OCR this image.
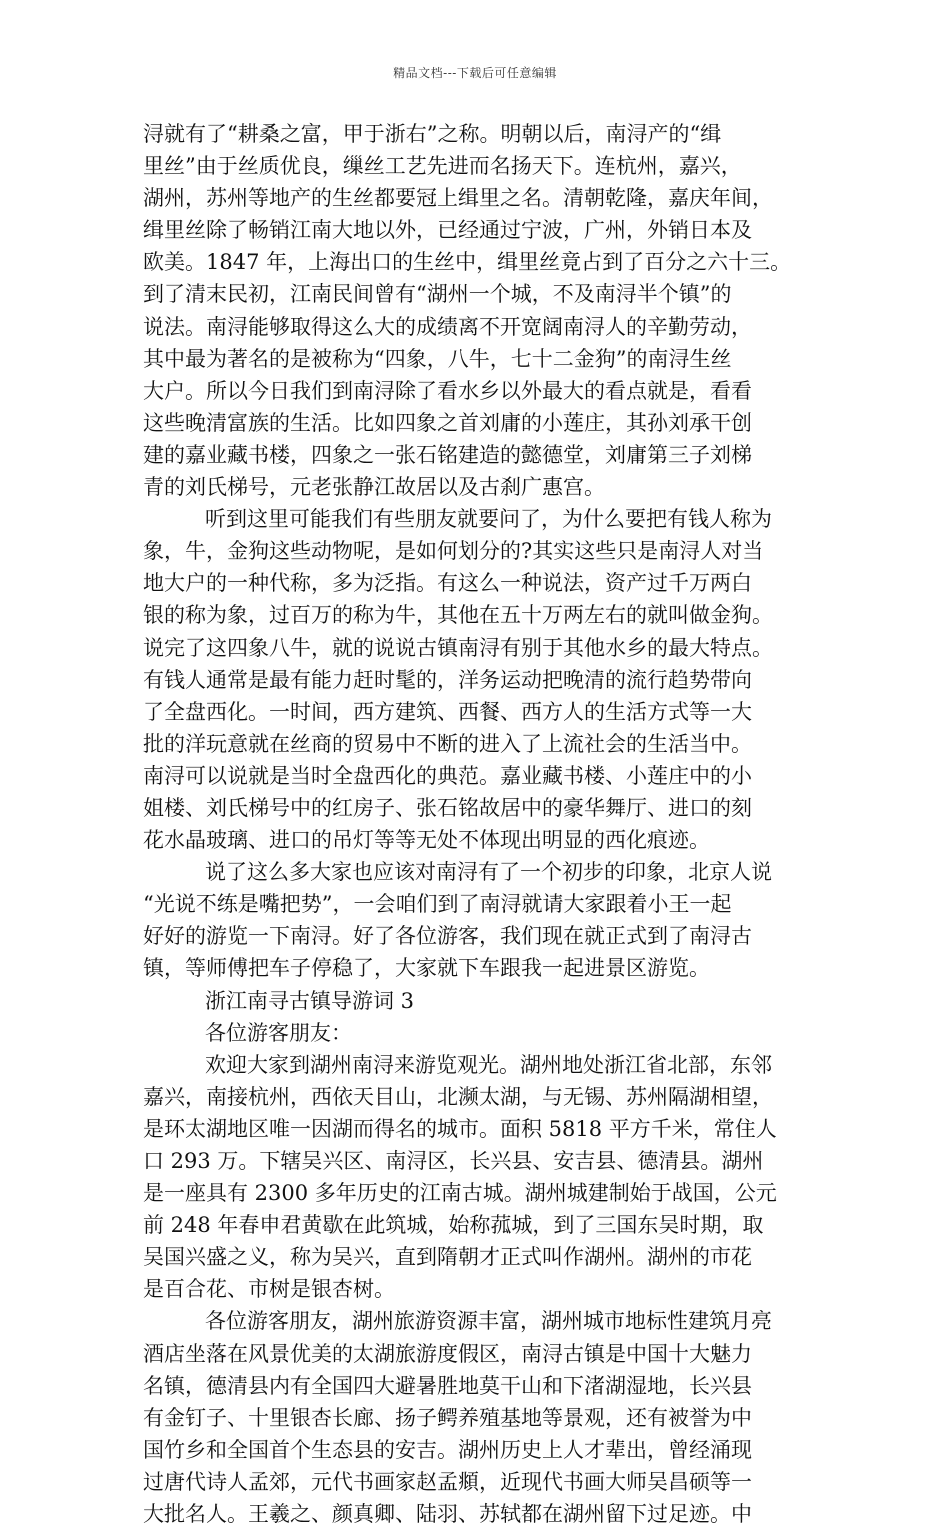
精品文档---下载后可任意编辑
浔就有了“耕桑之富，甲于浙右”之称。明朝以后，南浔产的“缉
里丝”由于丝质优良，缫丝工艺先进而名扬天下。连杭州，嘉兴，
湖州，苏州等地产的生丝都要冠上缉里之名。清朝乾隆，嘉庆年间，
缉里丝除了畅销江南大地以外，已经通过宁波，广州，外销日本及
欧美。1847 年，上海出口的生丝中，缉里丝竟占到了百分之六十三。
到了清末民初，江南民间曾有“湖州一个城，不及南浔半个镇”的
说法。南浔能够取得这么大的成绩离不开宽阔南浔人的辛勤劳动，
其中最为著名的是被称为“四象，八牛，七十二金狗”的南浔生丝
大户。所以今日我们到南浔除了看水乡以外最大的看点就是，看看
这些晚清富族的生活。比如四象之首刘庸的小莲庄，其孙刘承干创
建的嘉业藏书楼，四象之一张石铭建造的懿德堂，刘庸第三子刘梯
青的刘氏梯号，元老张静江故居以及古刹广惠宫。
听到这里可能我们有些朋友就要问了，为什么要把有钱人称为
象，牛，金狗这些动物呢，是如何划分的?其实这些只是南浔人对当
地大户的一种代称，多为泛指。有这么一种说法，资产过千万两白
银的称为象，过百万的称为牛，其他在五十万两左右的就叫做金狗。
说完了这四象八牛，就的说说古镇南浔有别于其他水乡的最大特点。
有钱人通常是最有能力赶时髦的，洋务运动把晚清的流行趋势带向
了全盘西化。一时间，西方建筑、西餐、西方人的生活方式等一大
批的洋玩意就在丝商的贸易中不断的进入了上流社会的生活当中。
南浔可以说就是当时全盘西化的典范。嘉业藏书楼、小莲庄中的小
姐楼、刘氏梯号中的红房子、张石铭故居中的豪华舞厅、进口的刻
花水晶玻璃、进口的吊灯等等无处不体现出明显的西化痕迹。
说了这么多大家也应该对南浔有了一个初步的印象，北京人说
“光说不练是嘴把势”，一会咱们到了南浔就请大家跟着小王一起
好好的游览一下南浔。好了各位游客，我们现在就正式到了南浔古
镇，等师傅把车子停稳了，大家就下车跟我一起进景区游览。
浙江南寻古镇导游词 3
各位游客朋友：
欢迎大家到湖州南浔来游览观光。湖州地处浙江省北部，东邻
嘉兴，南接杭州，西依天目山，北濒太湖，与无锡、苏州隔湖相望，
是环太湖地区唯一因湖而得名的城市。面积 5818 平方千米，常住人
口 293 万。下辖吴兴区、南浔区，长兴县、安吉县、德清县。湖州
是一座具有 2300 多年历史的江南古城。湖州城建制始于战国，公元
前 248 年春申君黄歇在此筑城，始称菰城，到了三国东吴时期，取
吴国兴盛之义，称为吴兴，直到隋朝才正式叫作湖州。湖州的市花
是百合花、市树是银杏树。
各位游客朋友，湖州旅游资源丰富，湖州城市地标性建筑月亮
酒店坐落在风景优美的太湖旅游度假区，南浔古镇是中国十大魅力
名镇，德清县内有全国四大避暑胜地莫干山和下渚湖湿地，长兴县
有金钉子、十里银杏长廊、扬子鳄养殖基地等景观，还有被誉为中
国竹乡和全国首个生态县的安吉。湖州历史上人才辈出，曾经涌现
过唐代诗人孟郊，元代书画家赵孟頫，近现代书画大师吴昌硕等一
大批名人。王羲之、颜真卿、陆羽、苏轼都在湖州留下过足迹。中
